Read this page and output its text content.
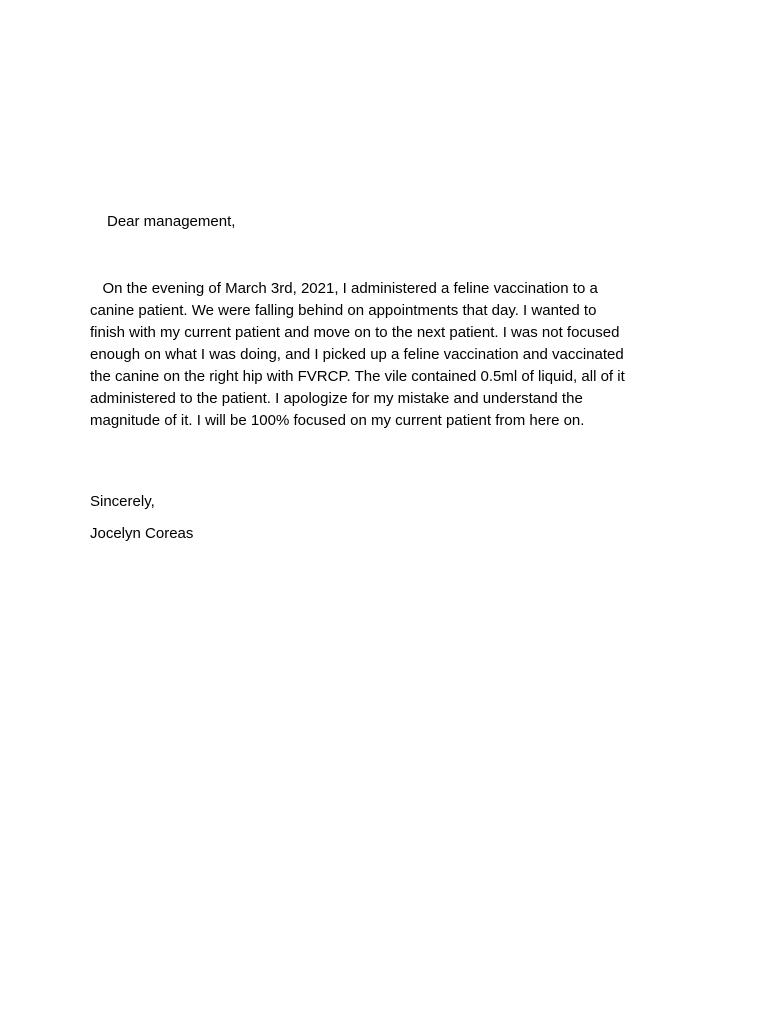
Dear management,
On the evening of March 3rd, 2021, I administered a feline vaccination to a
canine patient. We were falling behind on appointments that day. I wanted to
finish with my current patient and move on to the next patient. I was not focused
enough on what I was doing, and I picked up a feline vaccination and vaccinated
the canine on the right hip with FVRCP. The vile contained 0.5ml of liquid, all of it
administered to the patient. I apologize for my mistake and understand the
magnitude of it. I will be 100% focused on my current patient from here on.
Sincerely,
Jocelyn Coreas
